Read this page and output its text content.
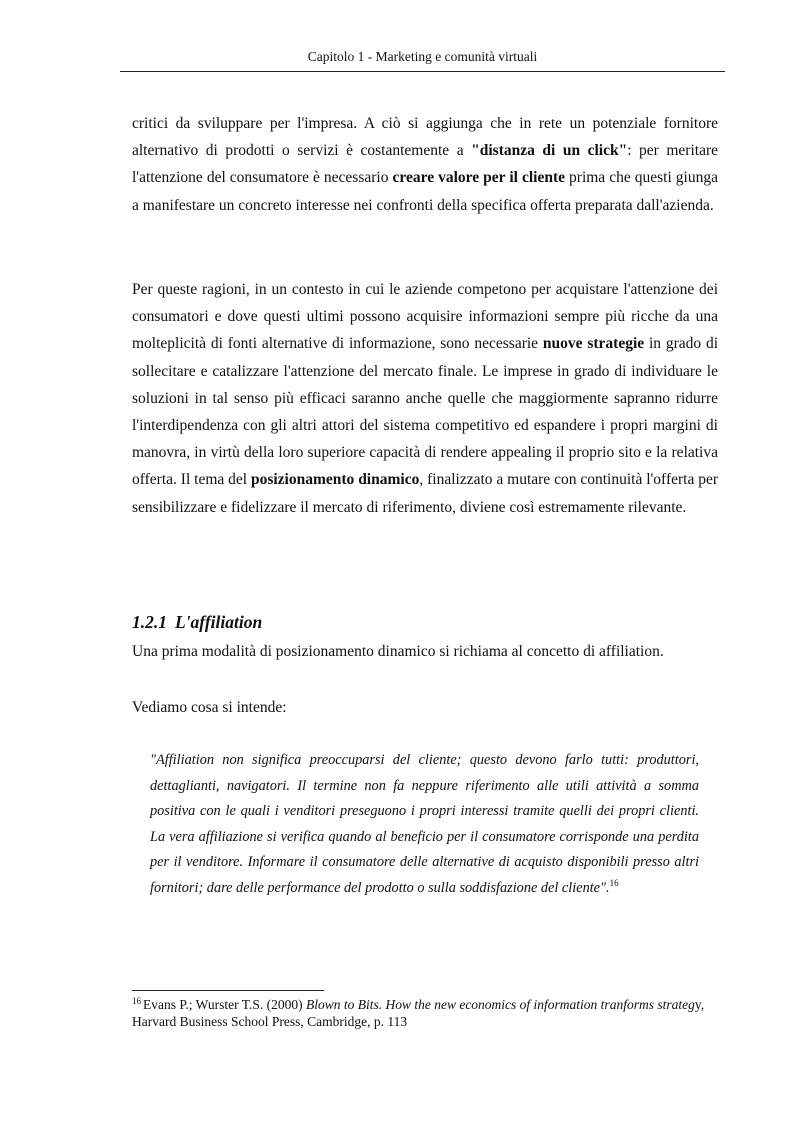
Capitolo 1 - Marketing e comunità virtuali

critici da sviluppare per l'impresa. A ciò si aggiunga che in rete un potenziale fornitore alternativo di prodotti o servizi è costantemente a "distanza di un click": per meritare l'attenzione del consumatore è necessario creare valore per il cliente prima che questi giunga a manifestare un concreto interesse nei confronti della specifica offerta preparata dall'azienda.

Per queste ragioni, in un contesto in cui le aziende competono per acquistare l'attenzione dei consumatori e dove questi ultimi possono acquisire informazioni sempre più ricche da una molteplicità di fonti alternative di informazione, sono necessarie nuove strategie in grado di sollecitare e catalizzare l'attenzione del mercato finale. Le imprese in grado di individuare le soluzioni in tal senso più efficaci saranno anche quelle che maggiormente sapranno ridurre l'interdipendenza con gli altri attori del sistema competitivo ed espandere i propri margini di manovra, in virtù della loro superiore capacità di rendere appealing il proprio sito e la relativa offerta. Il tema del posizionamento dinamico, finalizzato a mutare con continuità l'offerta per sensibilizzare e fidelizzare il mercato di riferimento, diviene così estremamente rilevante.

1.2.1 L'affiliation

Una prima modalità di posizionamento dinamico si richiama al concetto di affiliation.

Vediamo cosa si intende:

"Affiliation non significa preoccuparsi del cliente; questo devono farlo tutti: produttori, dettaglianti, navigatori. Il termine non fa neppure riferimento alle utili attività a somma positiva con le quali i venditori preseguono i propri interessi tramite quelli dei propri clienti. La vera affiliazione si verifica quando al beneficio per il consumatore corrisponde una perdita per il venditore. Informare il consumatore delle alternative di acquisto disponibili presso altri fornitori; dare delle performance del prodotto o sulla soddisfazione del cliente".$^{16}$

$^{16}$ Evans P.; Wurster T.S. (2000) Blown to Bits. How the new economics of information tranforms strategy, Harvard Business School Press, Cambridge, p. 113
